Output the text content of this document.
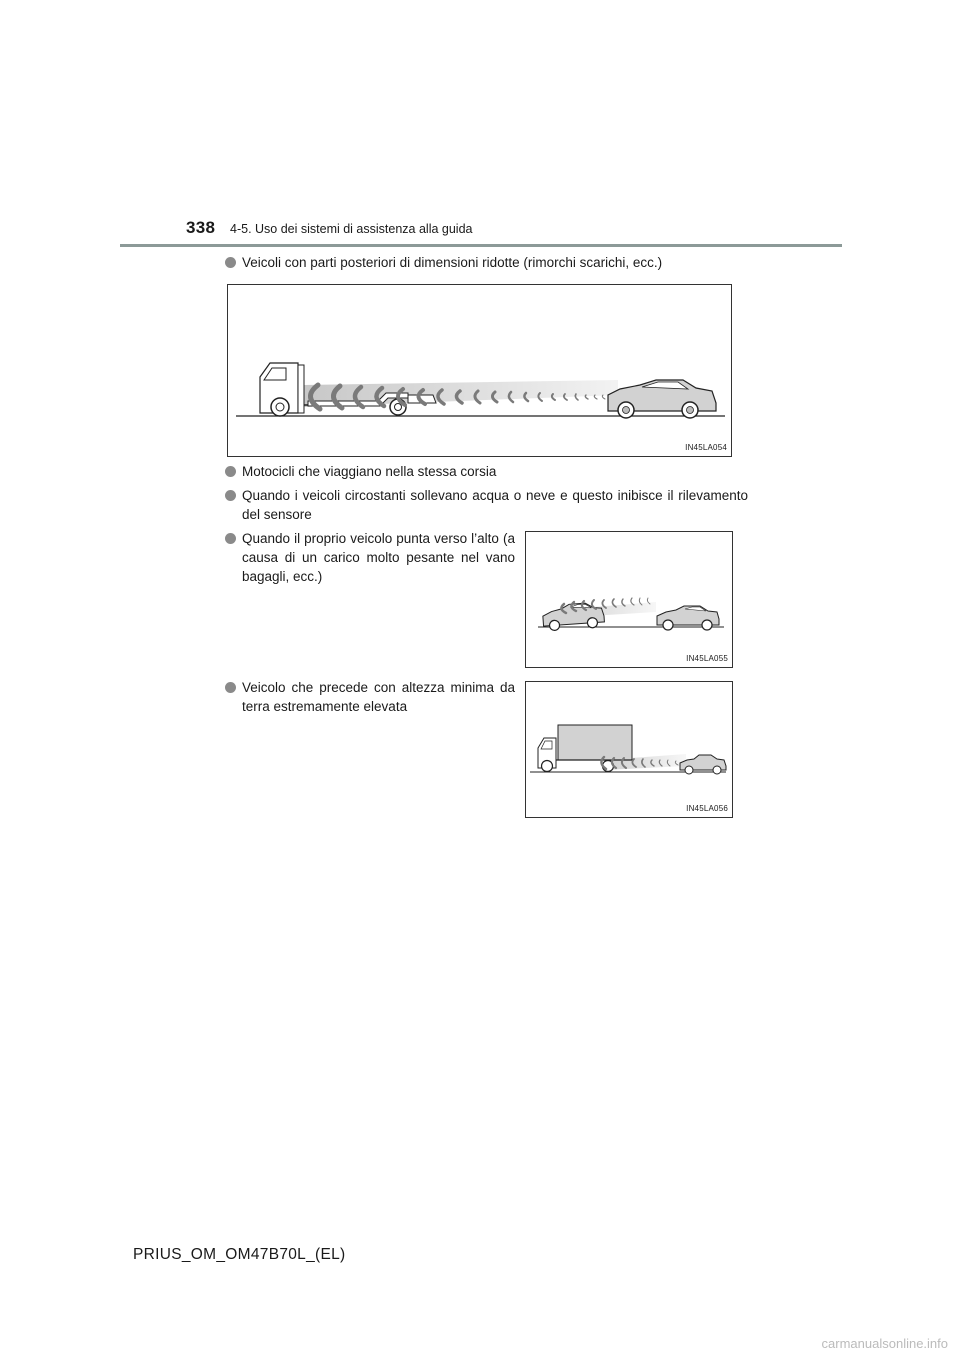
338 4-5. Uso dei sistemi di assistenza alla guida
Veicoli con parti posteriori di dimensioni ridotte (rimorchi scarichi, ecc.)
IN45LA054
Motocicli che viaggiano nella stessa corsia
Quando i veicoli circostanti sollevano acqua o neve e questo inibisce il rilevamento del sensore
Quando il proprio veicolo punta verso l’alto (a causa di un carico molto pesante nel vano bagagli, ecc.)
IN45LA055
Veicolo che precede con altezza minima da terra estremamente elevata
IN45LA056
PRIUS_OM_OM47B70L_(EL)
carmanualsonline.info
